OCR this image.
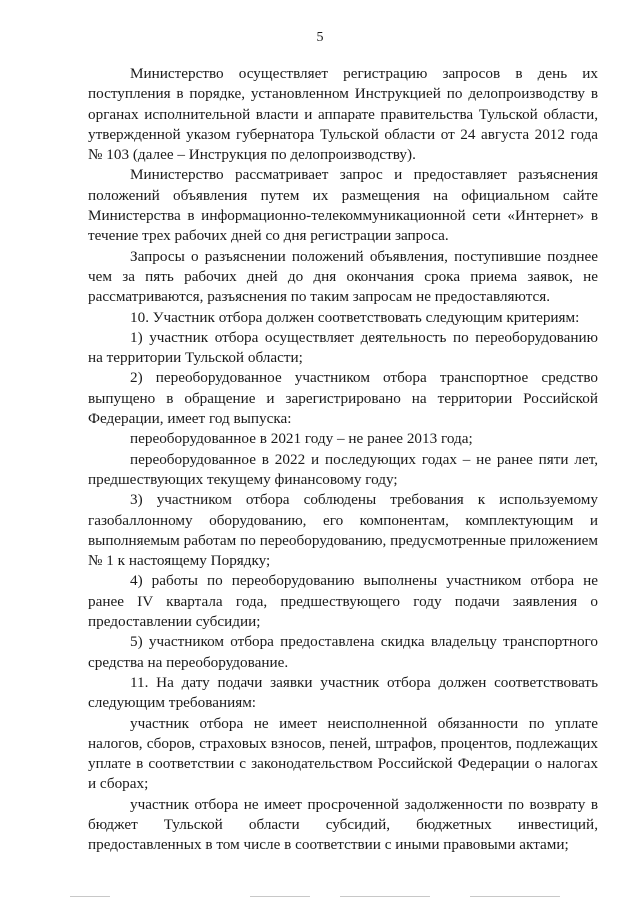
5

Министерство осуществляет регистрацию запросов в день их поступления в порядке, установленном Инструкцией по делопроизводству в органах исполнительной власти и аппарате правительства Тульской области, утвержденной указом губернатора Тульской области от 24 августа 2012 года № 103 (далее – Инструкция по делопроизводству).

Министерство рассматривает запрос и предоставляет разъяснения положений объявления путем их размещения на официальном сайте Министерства в информационно-телекоммуникационной сети «Интернет» в течение трех рабочих дней со дня регистрации запроса.

Запросы о разъяснении положений объявления, поступившие позднее чем за пять рабочих дней до дня окончания срока приема заявок, не рассматриваются, разъяснения по таким запросам не предоставляются.

10. Участник отбора должен соответствовать следующим критериям:

1) участник отбора осуществляет деятельность по переоборудованию на территории Тульской области;

2) переоборудованное участником отбора транспортное средство выпущено в обращение и зарегистрировано на территории Российской Федерации, имеет год выпуска:

переоборудованное в 2021 году – не ранее 2013 года;

переоборудованное в 2022 и последующих годах – не ранее пяти лет, предшествующих текущему финансовому году;

3) участником отбора соблюдены требования к используемому газобаллонному оборудованию, его компонентам, комплектующим и выполняемым работам по переоборудованию, предусмотренные приложением № 1 к настоящему Порядку;

4) работы по переоборудованию выполнены участником отбора не ранее IV квартала года, предшествующего году подачи заявления о предоставлении субсидии;

5) участником отбора предоставлена скидка владельцу транспортного средства на переоборудование.

11. На дату подачи заявки участник отбора должен соответствовать следующим требованиям:

участник отбора не имеет неисполненной обязанности по уплате налогов, сборов, страховых взносов, пеней, штрафов, процентов, подлежащих уплате в соответствии с законодательством Российской Федерации о налогах и сборах;

участник отбора не имеет просроченной задолженности по возврату в бюджет Тульской области субсидий, бюджетных инвестиций, предоставленных в том числе в соответствии с иными правовыми актами;
